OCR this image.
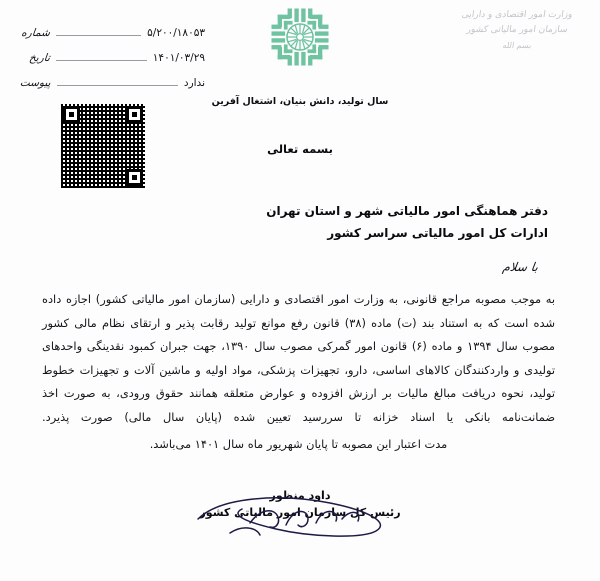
وزارت امور اقتصادی و دارایی
سازمان امور مالیاتی کشور
بسم الله
۵/۲۰۰/۱۸۰۵۳
شماره
۱۴۰۱/۰۳/۲۹
تاریخ
ندارد
پیوست
سال تولید، دانش بنیان، اشتغال آفرین
بسمه تعالی
دفتر هماهنگی امور مالیاتی شهر و استان تهران
ادارات کل امور مالیاتی سراسر کشور
با سلام

به موجب مصوبه مراجع قانونی، به وزارت امور اقتصادی و دارایی (سازمان امور مالیاتی کشور) اجازه داده شده است که به استناد بند (ت) ماده (۳۸) قانون رفع موانع تولید رقابت پذیر و ارتقای نظام مالی کشور مصوب سال ۱۳۹۴ و ماده (۶) قانون امور گمرکی مصوب سال ۱۳۹۰، جهت جبران کمبود نقدینگی واحدهای تولیدی و واردکنندگان کالاهای اساسی، دارو، تجهیزات پزشکی، مواد اولیه و ماشین آلات و تجهیزات خطوط تولید، نحوه دریافت مبالغ مالیات بر ارزش افزوده و عوارض متعلقه همانند حقوق ورودی، به صورت اخذ ضمانت‌نامه بانکی یا اسناد خزانه تا سررسید تعیین شده (پایان سال مالی) صورت پذیرد.

مدت اعتبار این مصوبه تا پایان شهریور ماه سال ۱۴۰۱ می‌باشد.

داود منظور
رئیس کل سازمان امور مالیاتی کشور
